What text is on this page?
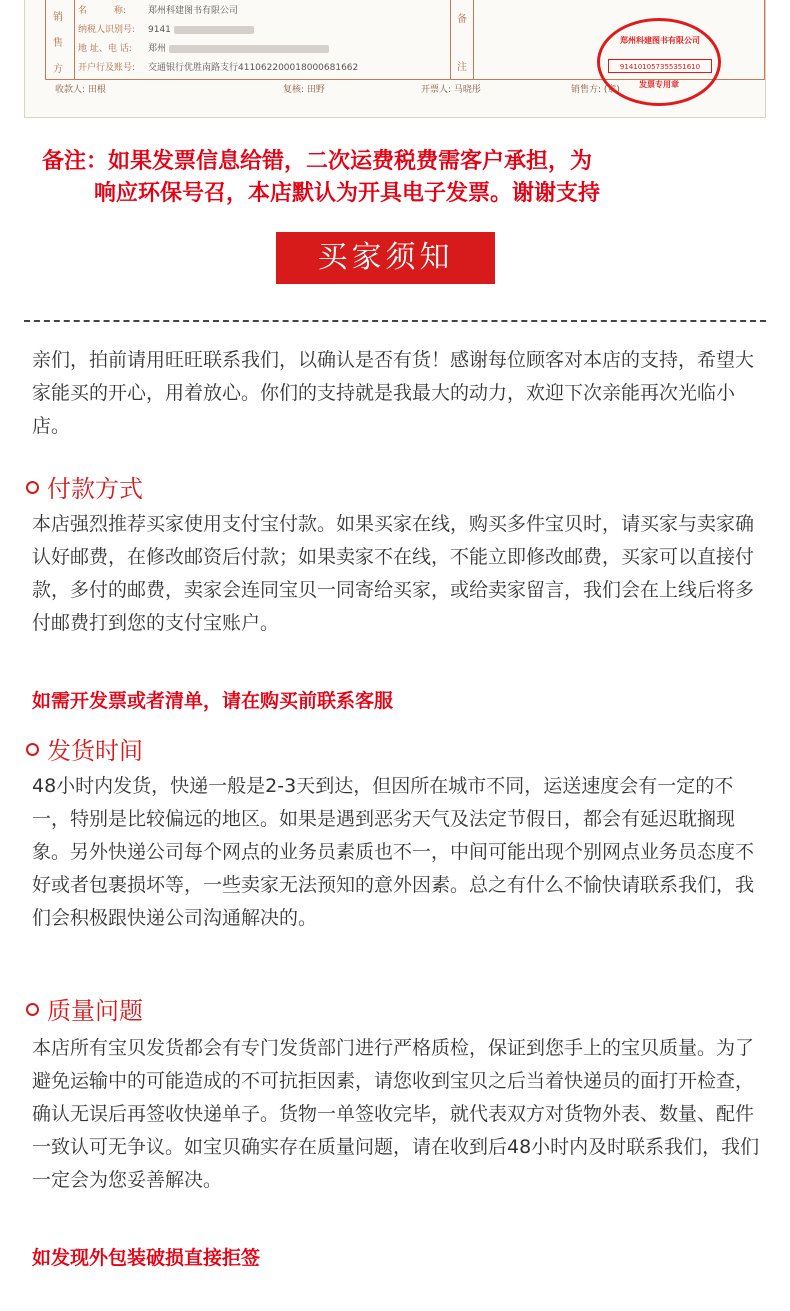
销
售
方
名　　　称: 郑州科建图书有限公司
纳税人识别号: 9141
地 址、电 话: 郑州
开户行及账号: 交通银行优胜南路支行411062200018000681662
备
注
收款人: 田根	复核: 田野	开票人: 马晓彤	销售方: (章)
郑州科建图书有限公司
914101057355351610
发票专用章
备注：如果发票信息给错，二次运费税费需客户承担，为
响应环保号召，本店默认为开具电子发票。谢谢支持
买家须知
亲们，拍前请用旺旺联系我们，以确认是否有货！感谢每位顾客对本店的支持，希望大家能买的开心，用着放心。你们的支持就是我最大的动力，欢迎下次亲能再次光临小店。
付款方式
本店强烈推荐买家使用支付宝付款。如果买家在线，购买多件宝贝时，请买家与卖家确认好邮费，在修改邮资后付款；如果卖家不在线，不能立即修改邮费，买家可以直接付款，多付的邮费，卖家会连同宝贝一同寄给买家，或给卖家留言，我们会在上线后将多付邮费打到您的支付宝账户。
如需开发票或者清单，请在购买前联系客服
发货时间
48小时内发货，快递一般是2-3天到达，但因所在城市不同，运送速度会有一定的不一，特别是比较偏远的地区。如果是遇到恶劣天气及法定节假日，都会有延迟耽搁现象。另外快递公司每个网点的业务员素质也不一，中间可能出现个别网点业务员态度不好或者包裹损坏等，一些卖家无法预知的意外因素。总之有什么不愉快请联系我们，我们会积极跟快递公司沟通解决的。
质量问题
本店所有宝贝发货都会有专门发货部门进行严格质检，保证到您手上的宝贝质量。为了避免运输中的可能造成的不可抗拒因素，请您收到宝贝之后当着快递员的面打开检查，确认无误后再签收快递单子。货物一单签收完毕，就代表双方对货物外表、数量、配件一致认可无争议。如宝贝确实存在质量问题，请在收到后48小时内及时联系我们，我们一定会为您妥善解决。
如发现外包装破损直接拒签
